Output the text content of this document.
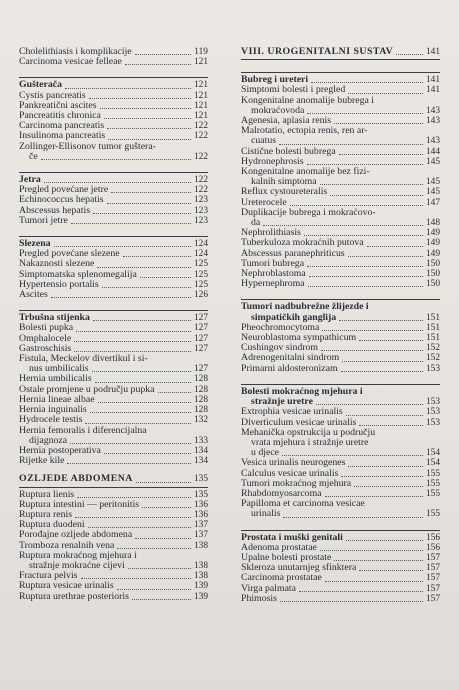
Cholelithiasis i komplikacije	119
Carcinoma vesicae felleae	121
Gušterača	121
Cystis pancreatis	121
Pankreatični ascites	121
Pancreatitis chronica	121
Carcinoma pancreatis	122
Insulinoma pancreatis	122
Zollinger-Ellisonov tumor guštera-
če	122
Jetra	122
Pregled povećane jetre	122
Echinococcus hepatis	123
Abscessus hepatis	123
Tumori jetre	123
Slezena	124
Pregled povećane slezene	124
Nakaznosti slezene	125
Simptomatska splenomegalija	125
Hypertensio portalis	125
Ascites	126
Trbušna stijenka	127
Bolesti pupka	127
Omphalocele	127
Gastroschisis	127
Fistula, Meckelov divertikul i si-
nus umbilicalis	127
Hernia umbilicalis	128
Ostale promjene u području pupka	128
Hernia lineae albae	128
Hernia inguinalis	128
Hydrocele testis	132
Hernia femoralis i diferencijalna
dijagnoza	133
Hernia postoperativa	134
Rijetke kile	134
OZLJEDE ABDOMENA	135
Ruptura lienis	135
Ruptura intestini — peritonitis	136
Ruptura renis	136
Ruptura duodeni	137
Porođajne ozljede abdomena	137
Tromboza renalnih vena	138
Ruptura mokraćnog mjehura i
stražnje mokraćne cijevi	138
Fractura pelvis	138
Ruptura vesicae urinalis	139
Ruptura urethrae posterioris	139
VIII. UROGENITALNI SUSTAV	141
Bubreg i ureteri	141
Simptomi bolesti i pregled	141
Kongenitalne anomalije bubrega i
mokraćovoda	143
Agenesia, aplasia renis	143
Malrotatio, ectopia renis, ren ar-
cuatus	143
Cistične bolesti bubrega	144
Hydronephrosis	145
Kongenitalne anomalije bez fizi-
kalnih simptoma	145
Reflux cystoureteralis	145
Ureterocele	147
Duplikacije bubrega i mokraćovo-
da	148
Nephrolithiasis	149
Tuberkuloza mokraćnih putova	149
Abscessus paranephriticus	149
Tumori bubrega	150
Nephroblastoma	150
Hypernephroma	150
Tumori nadbubrežne žlijezde i
simpatičkih ganglija	151
Pheochromocytoma	151
Neuroblastoma sympathicum	151
Cushingov sindrom	152
Adrenogenitalni sindrom	152
Primarni aldosteronizam	153
Bolesti mokraćnog mjehura i
stražnje uretre	153
Extrophia vesicae urinalis	153
Diverticulum vesicae urinalis	153
Mehanička opstrukcija u području
vrata mjehura i stražnje uretre
u djece	154
Vesica urinalis neurogenes	154
Calculus vesicae urinalis	155
Tumori mokraćnog mjehura	155
Rhabdomyosarcoma	155
Papilloma et carcinoma vesicae
urinalis	155
Prostata i muški genitali	156
Adenoma prostatae	156
Upalne bolesti prostate	157
Skleroza unutarnjeg sfinktera	157
Carcinoma prostatae	157
Virga palmata	157
Phimosis	157
